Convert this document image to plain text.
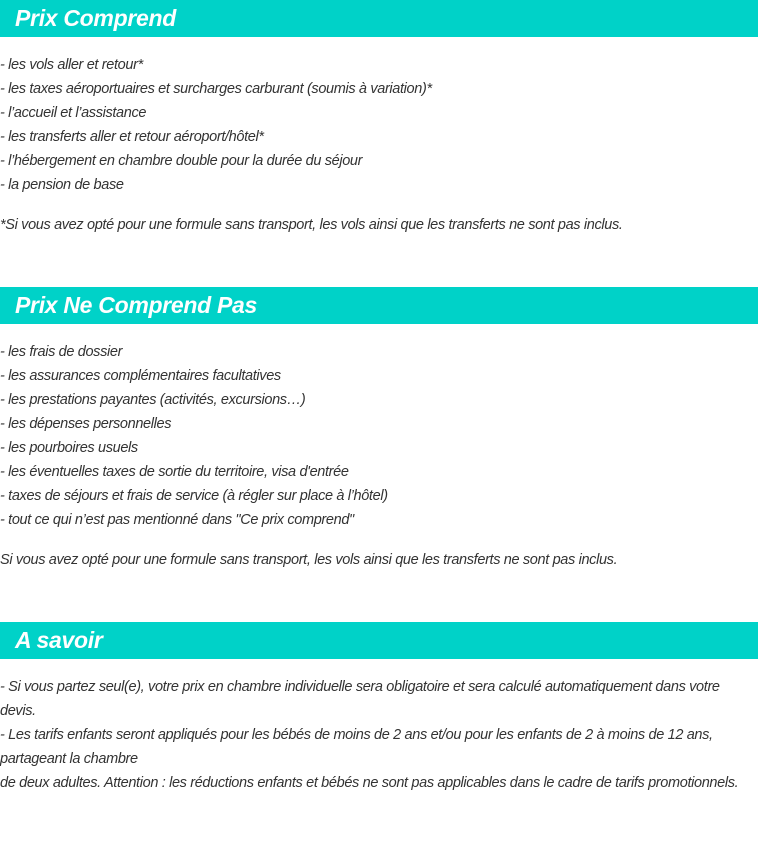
Prix Comprend
- les vols aller et retour*
- les taxes aéroportuaires et surcharges carburant (soumis à variation)*
- l’accueil et l’assistance
- les transferts aller et retour aéroport/hôtel*
- l’hébergement en chambre double pour la durée du séjour
- la pension de base
*Si vous avez opté pour une formule sans transport, les vols ainsi que les transferts ne sont pas inclus.
Prix Ne Comprend Pas
- les frais de dossier
- les assurances complémentaires facultatives
- les prestations payantes (activités, excursions…)
- les dépenses personnelles
- les pourboires usuels
- les éventuelles taxes de sortie du territoire, visa d'entrée
- taxes de séjours et frais de service (à régler sur place à l’hôtel)
- tout ce qui n’est pas mentionné dans "Ce prix comprend"
Si vous avez opté pour une formule sans transport, les vols ainsi que les transferts ne sont pas inclus.
A savoir
- Si vous partez seul(e), votre prix en chambre individuelle sera obligatoire et sera calculé automatiquement dans votre
devis.
- Les tarifs enfants seront appliqués pour les bébés de moins de 2 ans et/ou pour les enfants de 2 à moins de 12 ans,
partageant la chambre
de deux adultes. Attention : les réductions enfants et bébés ne sont pas applicables dans le cadre de tarifs promotionnels.
